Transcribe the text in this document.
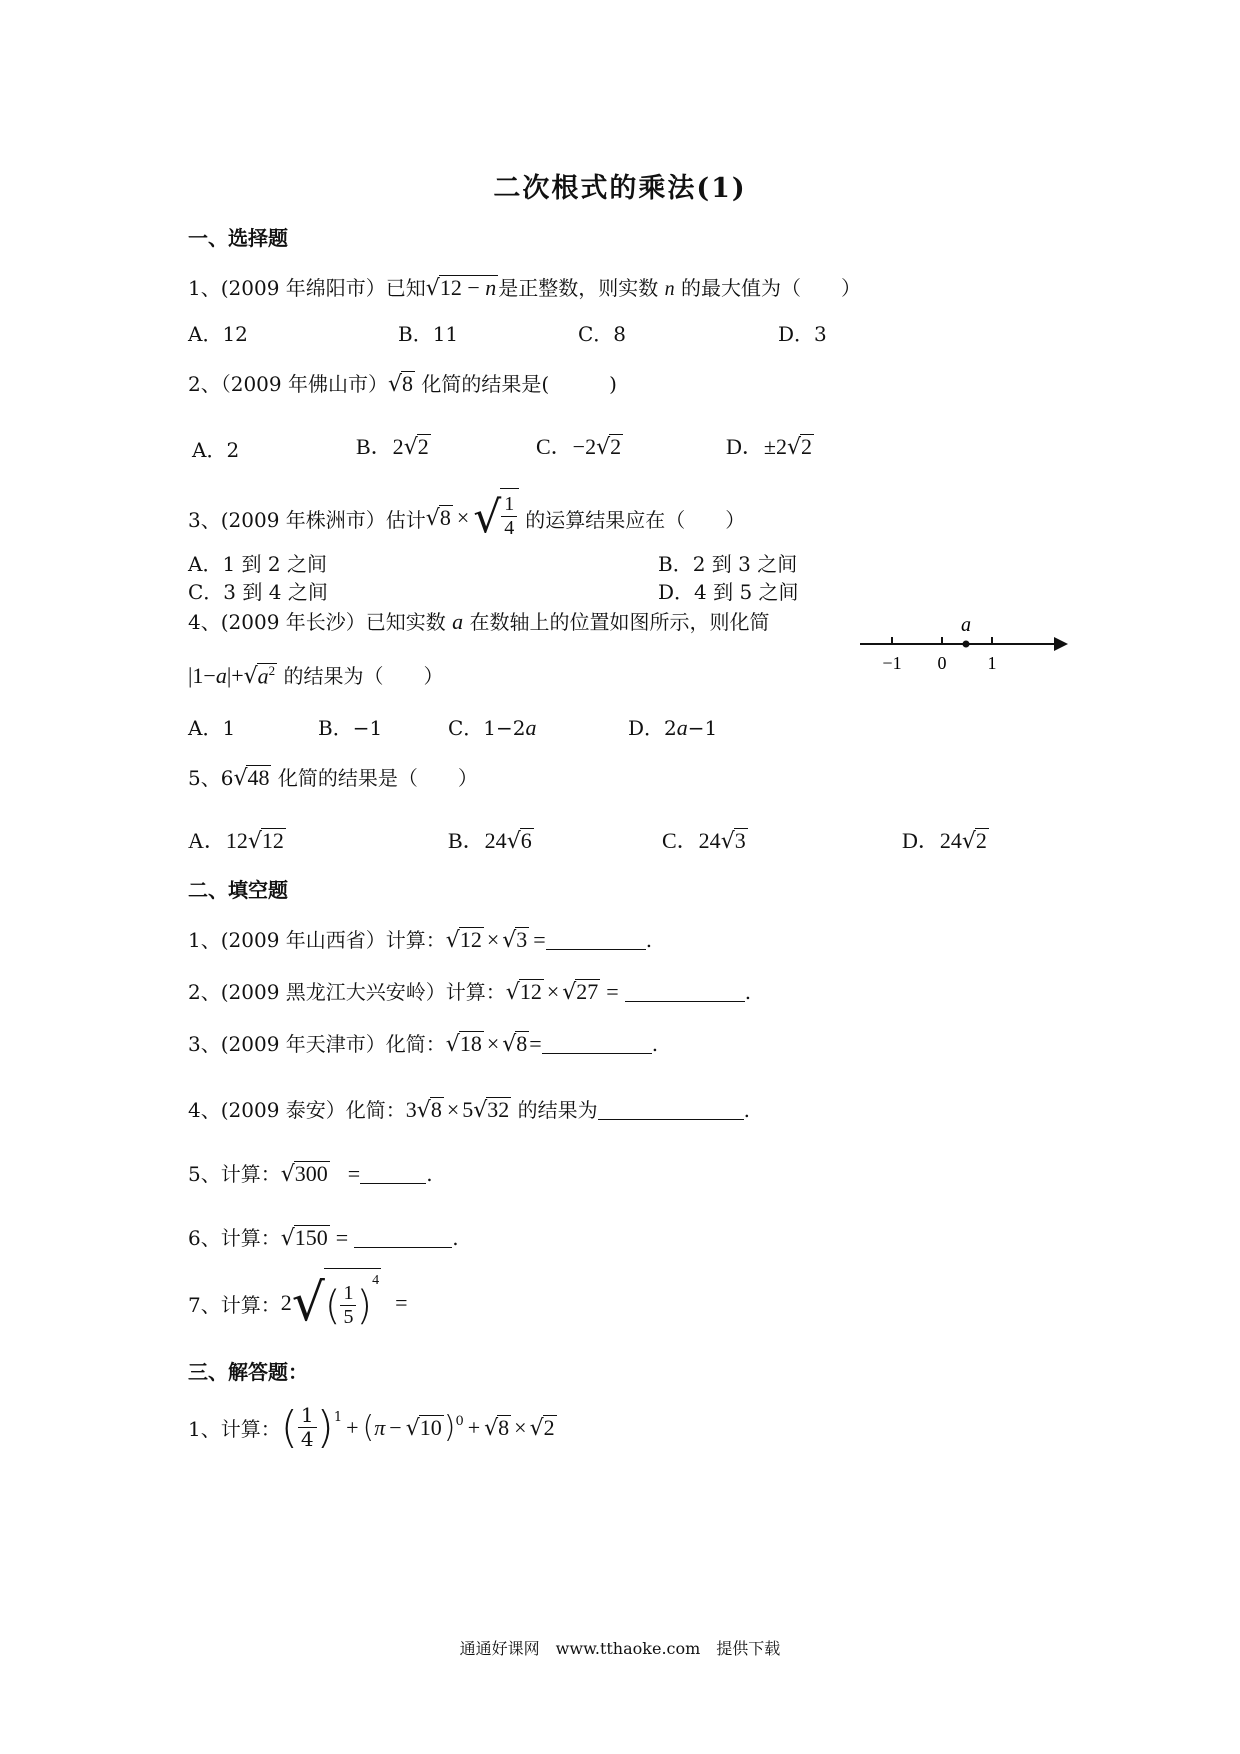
二次根式的乘法(1)
一、选择题
1、(2009 年绵阳市）已知√12 − n 是正整数，则实数 n 的最大值为（　　）
A．12	B．11	C．8	D．3
2、（2009 年佛山市）√8 化简的结果是(　　　)
A．2	B．2√2	C．−2√2	D．±2√2
3、(2009 年株洲市）估计 √8 × √ $\frac{1}{4}$ 的运算结果应在（　　）
A．1 到 2 之间	B．2 到 3 之间
C．3 到 4 之间	D．4 到 5 之间
4、(2009 年长沙）已知实数 a 在数轴上的位置如图所示，则化简
$|1-a|+√a^2$ 的结果为（　　）
a
−1 0 1
A．1	B．−1	C．1−2a	D．2a−1
5、6√48 化简的结果是（　　）
A．12√12	B．24√6	C．24√3	D．24√2
二、填空题
1、(2009 年山西省）计算：√12 × √3 =	.
2、(2009 黑龙江大兴安岭）计算：√12 × √27 =	.
3、(2009 年天津市）化简：√18 × √8=	.
4、(2009 泰安）化简：3√8 × 5√32 的结果为	.
5、计算：√300 =	.
6、计算：√150 =	.
7、计算： 2 √ ( $\frac{1}{5}$ )
$^4$
=
三、解答题：
1、计算： ( $\frac{1}{4} )^1$ + ( π − √10 )$^0$ + √8 × √2
通通好课网　www.tthaoke.com　提供下载
